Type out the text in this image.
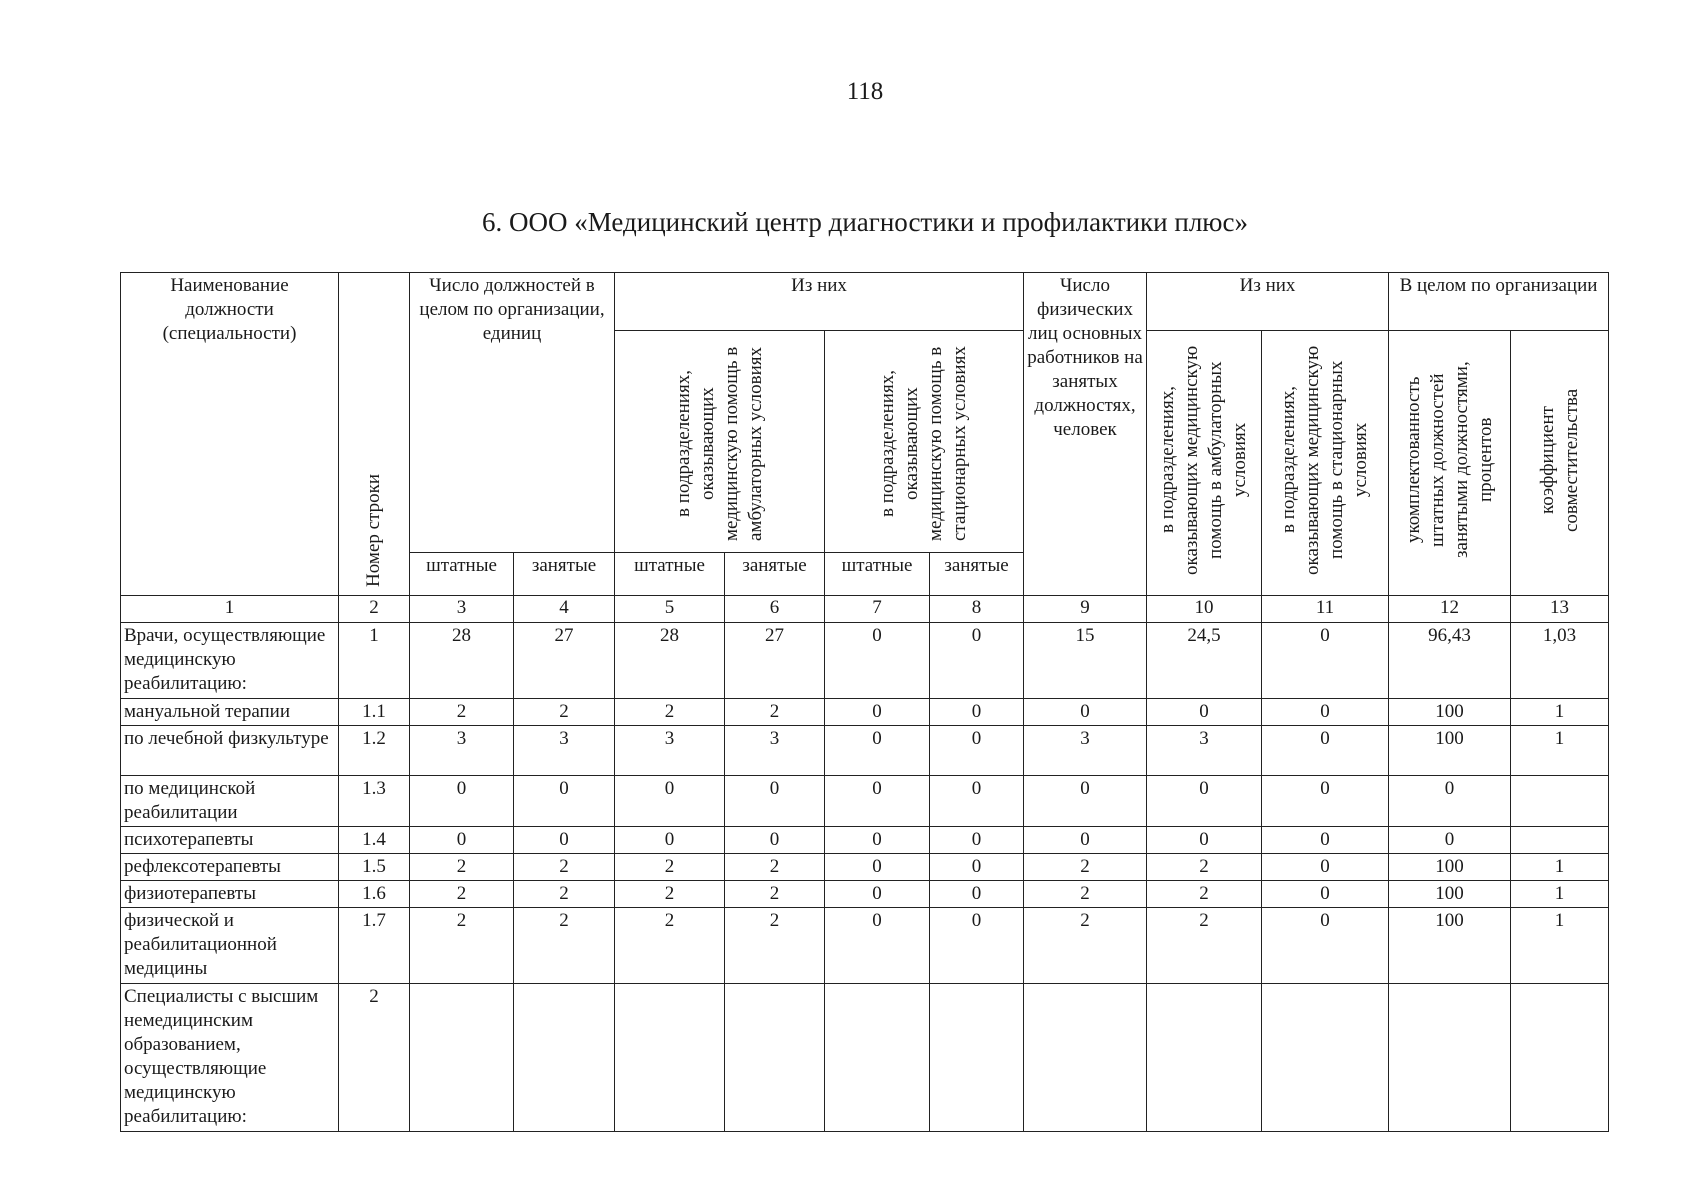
118
6. ООО «Медицинский центр диагностики и профилактики плюс»
Наименование должности (специальности)	Номер строки	Число должностей в целом по организации, единиц		Из них				Число физических лиц основных работников на занятых должностях, человек	Из них		В целом по организации	
				в подразделениях, оказывающих медицинскую помощь в амбулаторных условиях		в подразделениях, оказывающих медицинскую помощь в стационарных условиях			в подразделениях, оказывающих медицинскую помощь в амбулаторных условиях	в подразделениях, оказывающих медицинскую помощь в стационарных условиях	укомплектованность штатных должностей занятыми должностями, процентов	коэффициент совместительства
		штатные	занятые	штатные	занятые	штатные	занятые					
1	2	3	4	5	6	7	8	9	10	11	12	13
Врачи, осуществляющие медицинскую реабилитацию:	1	28	27	28	27	0	0	15	24,5	0	96,43	1,03
мануальной терапии	1.1	2	2	2	2	0	0	0	0	0	100	1
по лечебной физкультуре	1.2	3	3	3	3	0	0	3	3	0	100	1
по медицинской реабилитации	1.3	0	0	0	0	0	0	0	0	0	0	
психотерапевты	1.4	0	0	0	0	0	0	0	0	0	0	
рефлексотерапевты	1.5	2	2	2	2	0	0	2	2	0	100	1
физиотерапевты	1.6	2	2	2	2	0	0	2	2	0	100	1
физической и реабилитационной медицины	1.7	2	2	2	2	0	0	2	2	0	100	1
Специалисты с высшим немедицинским образованием, осуществляющие медицинскую реабилитацию:	2											
